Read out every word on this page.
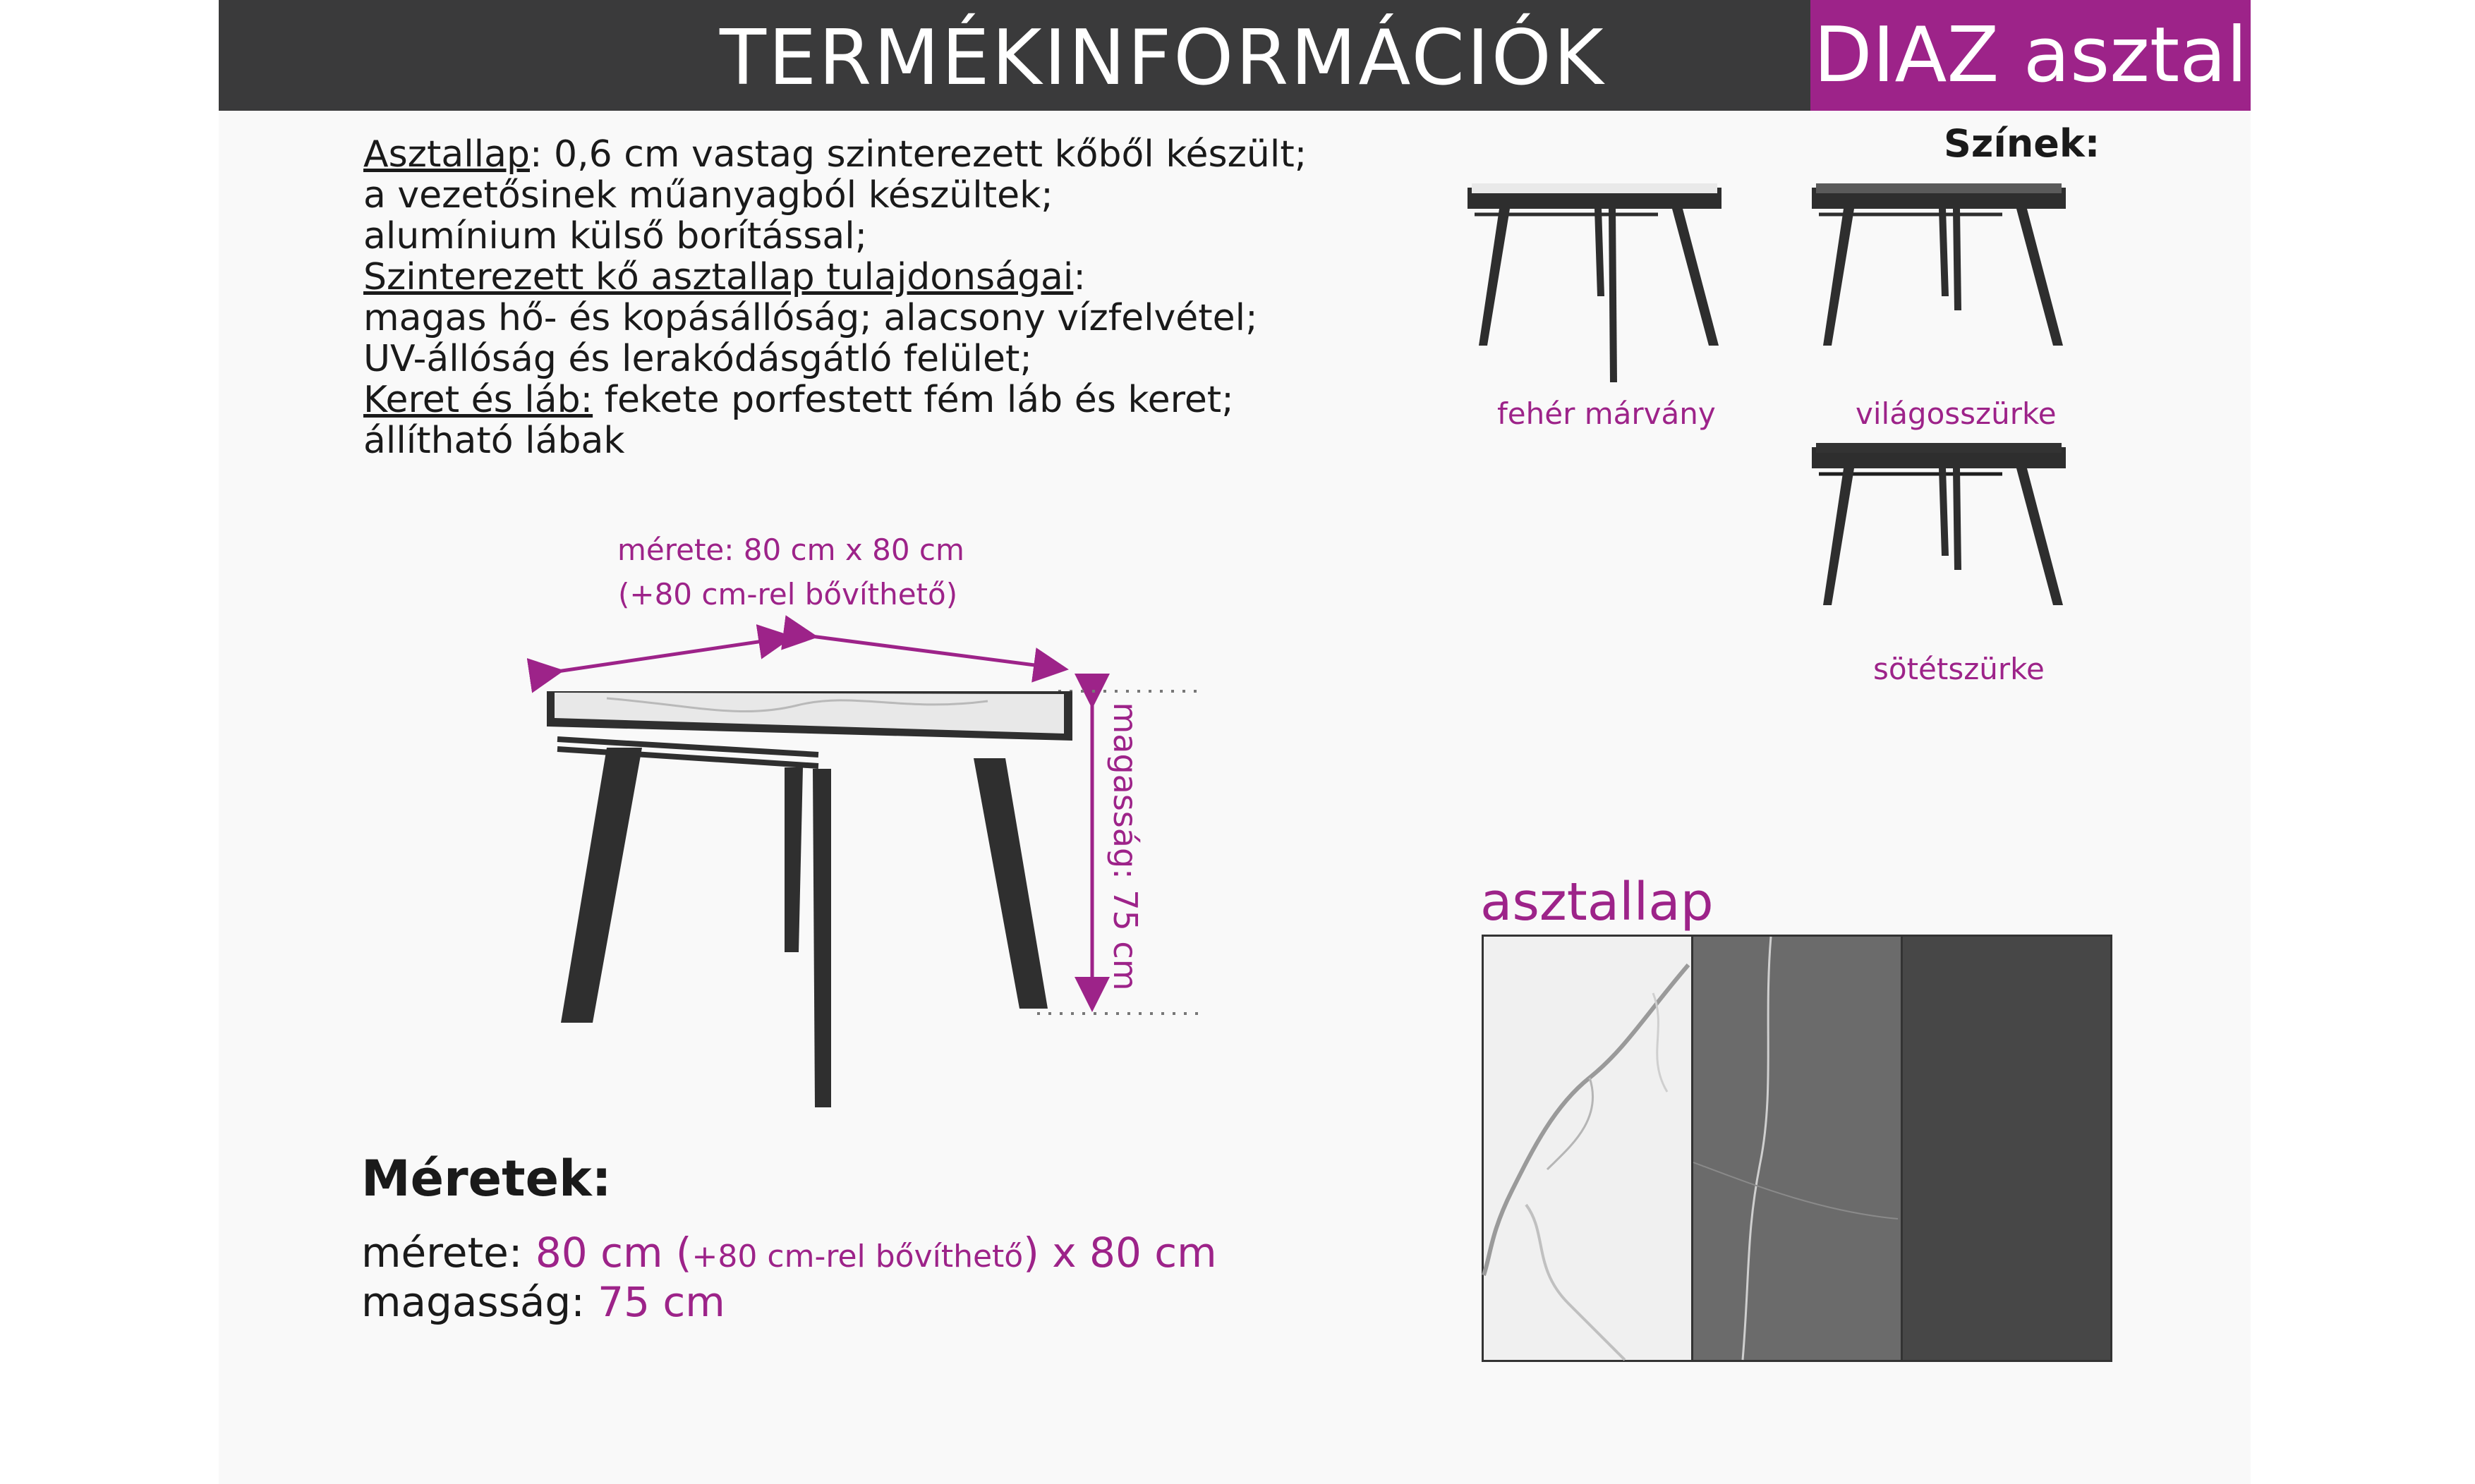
TERMÉKINFORMÁCIÓK	DIAZ asztal
Asztallap: 0,6 cm vastag szinterezett kőből készült;
a vezetősinek műanyagból készültek;
alumínium külső borítással;
Szinterezett kő asztallap tulajdonságai:
magas hő- és kopásállóság; alacsony vízfelvétel;
UV-állóság és lerakódásgátló felület;
Keret és láb: fekete porfestett fém láb és keret;
állítható lábak
Színek:
fehér márvány	világosszürke
sötétszürke
mérete: 80 cm x 80 cm
(+80 cm-rel bővíthető)
magasság: 75 cm
Méretek:
mérete: 80 cm (+80 cm-rel bővíthető) x 80 cm
magasság: 75 cm
asztallap
